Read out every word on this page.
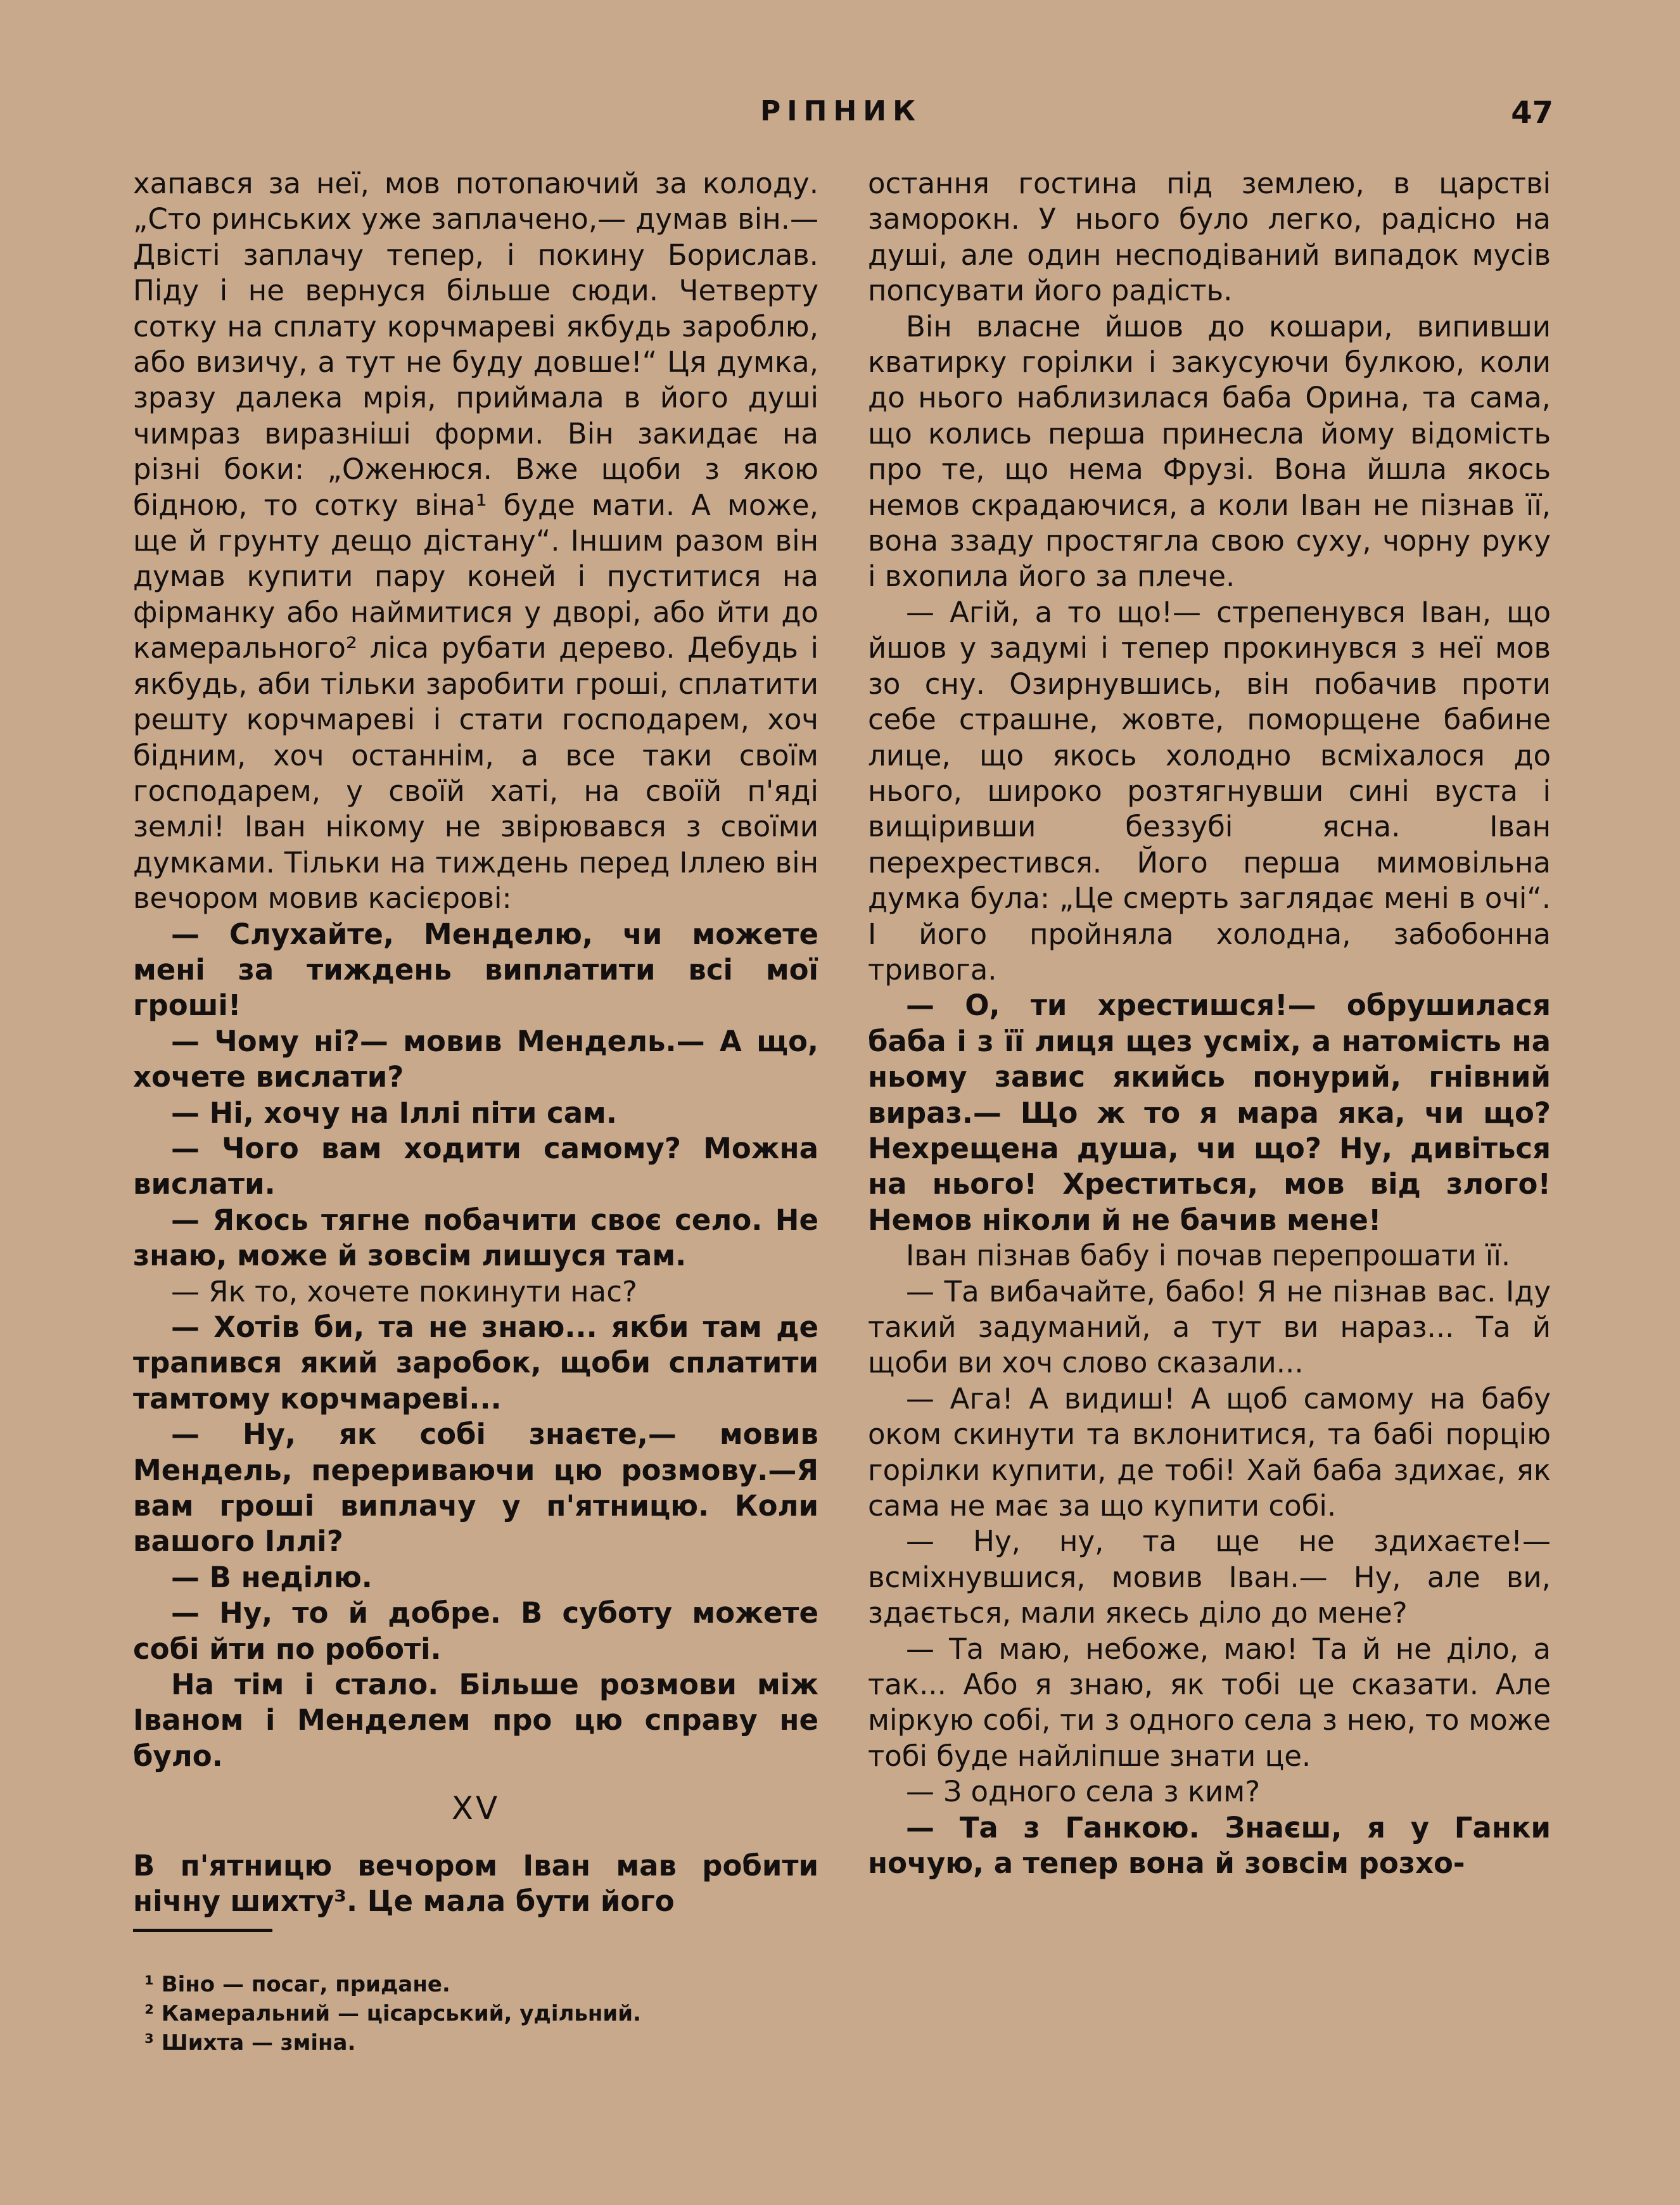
РІПНИК	47

хапався за неї, мов потопаючий за колоду. „Сто ринських уже заплачено,— думав він.— Двісті заплачу тепер, і покину Борислав. Піду і не вернуся більше сюди. Четверту сотку на сплату корчмареві якбудь зароблю, або визичу, а тут не буду довше!“ Ця думка, зразу далека мрія, приймала в його душі чимраз виразніші форми. Він закидає на різні боки: „Оженюся. Вже щоби з якою бідною, то сотку віна¹ буде мати. А може, ще й грунту дещо дістану“. Іншим разом він думав купити пару коней і пуститися на фірманку або наймитися у дворі, або йти до камерального² ліса рубати дерево. Дебудь і якбудь, аби тільки заробити гроші, сплатити решту корчмареві і стати господарем, хоч бідним, хоч останнім, а все таки своїм господарем, у своїй хаті, на своїй п'яді землі! Іван нікому не звірювався з своїми думками. Тільки на тиждень перед Іллею він вечором мовив касієрові:

— Слухайте, Менделю, чи можете мені за тиждень виплатити всі мої гроші!

— Чому ні?— мовив Мендель.— А що, хочете вислати?

— Ні, хочу на Іллі піти сам.

— Чого вам ходити самому? Можна вислати.

— Якось тягне побачити своє село. Не знаю, може й зовсім лишуся там.

— Як то, хочете покинути нас?

— Хотів би, та не знаю... якби там де трапився який заробок, щоби сплатити тамтому корчмареві...

— Ну, як собі знаєте,— мовив Мендель, перериваючи цю розмову.—Я вам гроші виплачу у п'ятницю. Коли вашого Іллі?

— В неділю.

— Ну, то й добре. В суботу можете собі йти по роботі.

На тім і стало. Більше розмови між Іваном і Менделем про цю справу не було.

XV

В п'ятницю вечором Іван мав робити нічну шихту³. Це мала бути його

¹ Віно — посаг, придане.
² Камеральний — цісарський, удільний.
³ Шихта — зміна.

остання гостина під землею, в царстві заморокн. У нього було легко, радісно на душі, але один несподіваний випадок мусів попсувати його радість.

Він власне йшов до кошари, випивши кватирку горілки і закусуючи булкою, коли до нього наблизилася баба Орина, та сама, що колись перша принесла йому відомість про те, що нема Фрузі. Вона йшла якось немов скрадаючися, а коли Іван не пізнав її, вона ззаду простягла свою суху, чорну руку і вхопила його за плече.

— Агій, а то що!— стрепенувся Іван, що йшов у задумі і тепер прокинувся з неї мов зо сну. Озирнувшись, він побачив проти себе страшне, жовте, поморщене бабине лице, що якось холодно всміхалося до нього, широко розтягнувши сині вуста і вищіривши беззубі ясна. Іван перехрестився. Його перша мимовільна думка була: „Це смерть заглядає мені в очі“. І його пройняла холодна, забобонна тривога.

— О, ти хрестишся!— обрушилася баба і з її лиця щез усміх, а натомість на ньому завис якийсь понурий, гнівний вираз.— Що ж то я мара яка, чи що? Нехрещена душа, чи що? Ну, дивіться на нього! Хреститься, мов від злого! Немов ніколи й не бачив мене!

Іван пізнав бабу і почав перепрошати її.

— Та вибачайте, бабо! Я не пізнав вас. Іду такий задуманий, а тут ви нараз... Та й щоби ви хоч слово сказали...

— Ага! А видиш! А щоб самому на бабу оком скинути та вклонитися, та бабі порцію горілки купити, де тобі! Хай баба здихає, як сама не має за що купити собі.

— Ну, ну, та ще не здихаєте!— всміхнувшися, мовив Іван.— Ну, але ви, здається, мали якесь діло до мене?

— Та маю, небоже, маю! Та й не діло, а так... Або я знаю, як тобі це сказати. Але міркую собі, ти з одного села з нею, то може тобі буде найліпше знати це.

— З одного села з ким?

— Та з Ганкою. Знаєш, я у Ганки ночую, а тепер вона й зовсім розхо-
